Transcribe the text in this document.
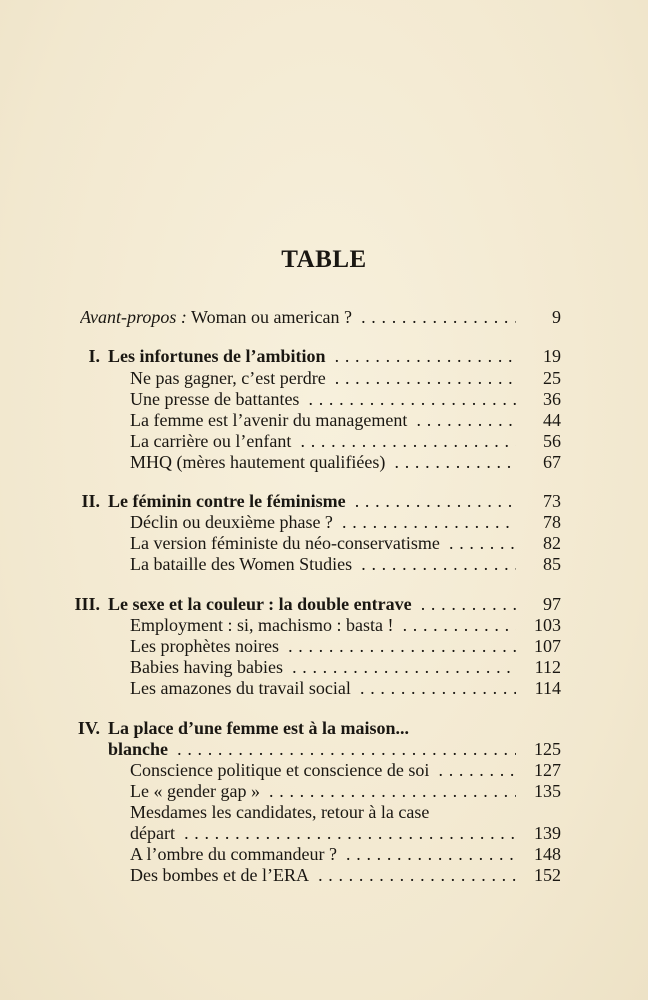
TABLE
Avant-propos : Woman ou american ? . . .	9
I. Les infortunes de l’ambition . . .	19
Ne pas gagner, c’est perdre . . .	25
Une presse de battantes . . .	36
La femme est l’avenir du management . . .	44
La carrière ou l’enfant . . .	56
MHQ (mères hautement qualifiées) . . .	67
II. Le féminin contre le féminisme . . .	73
Déclin ou deuxième phase ? . . .	78
La version féministe du néo-conservatisme . . .	82
La bataille des Women Studies . . .	85
III. Le sexe et la couleur : la double entrave . . .	97
Employment : si, machismo : basta ! . . .	103
Les prophètes noires . . .	107
Babies having babies . . .	112
Les amazones du travail social . . .	114
IV. La place d’une femme est à la maison...
blanche . . .	125
Conscience politique et conscience de soi . . .	127
Le « gender gap » . . .	135
Mesdames les candidates, retour à la case
départ . . .	139
A l’ombre du commandeur ? . . .	148
Des bombes et de l’ERA . . .	152
